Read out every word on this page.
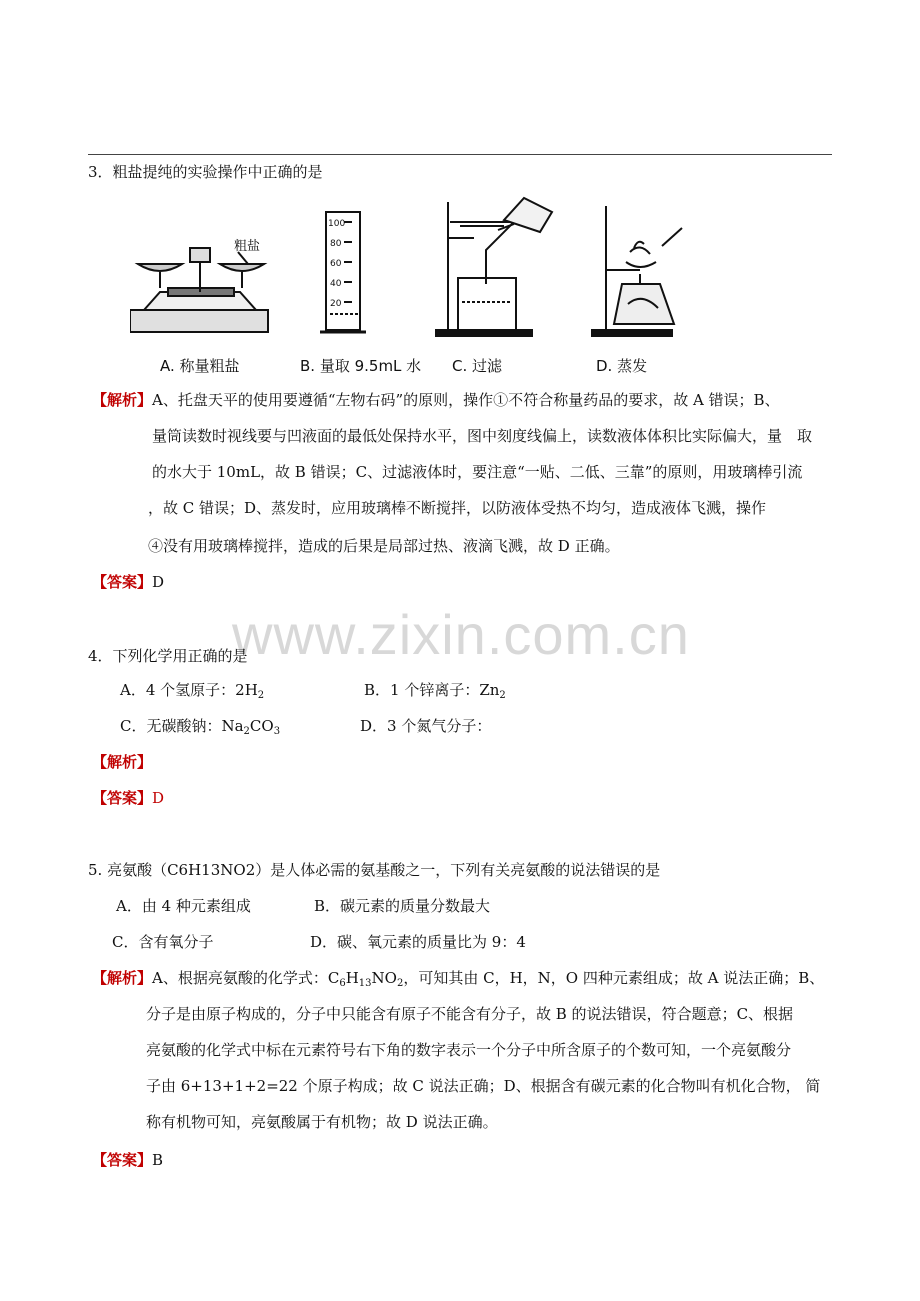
3．粗盐提纯的实验操作中正确的是
粗盐
100
80
60
40
20
A. 称量粗盐	B. 量取 9.5mL 水 C. 过滤	D. 蒸发
【解析】A、托盘天平的使用要遵循“左物右码”的原则，操作①不符合称量药品的要求，故 A 错误；B、
量筒读数时视线要与凹液面的最低处保持水平，图中刻度线偏上，读数液体体积比实际偏大，量　取
的水大于 10mL，故 B 错误；C、过滤液体时，要注意“一贴、二低、三靠”的原则，用玻璃棒引流
，故 C 错误；D、蒸发时，应用玻璃棒不断搅拌，以防液体受热不均匀，造成液体飞溅，操作
④没有用玻璃棒搅拌，造成的后果是局部过热、液滴飞溅，故 D 正确。
【答案】D
www.zixin.com.cn
4．下列化学用正确的是
A．4 个氢原子：$2H_2$	B．1 个锌离子：$Zn_2$
C．无碳酸钠：$Na_2CO_3$	D．3 个氮气分子：
【解析】
【答案】D
5. 亮氨酸（C6H13NO2）是人体必需的氨基酸之一，下列有关亮氨酸的说法错误的是
A．由 4 种元素组成	B．碳元素的质量分数最大
C．含有氧分子	D．碳、氧元素的质量比为 9：4
【解析】A、根据亮氨酸的化学式：$C_6H_{13}NO_2$，可知其由 C，H，N，O 四种元素组成；故 A 说法正确；B、
分子是由原子构成的，分子中只能含有原子不能含有分子，故 B 的说法错误，符合题意；C、根据
亮氨酸的化学式中标在元素符号右下角的数字表示一个分子中所含原子的个数可知，一个亮氨酸分
子由 6+13+1+2=22 个原子构成；故 C 说法正确；D、根据含有碳元素的化合物叫有机化合物， 简
称有机物可知，亮氨酸属于有机物；故 D 说法正确。
【答案】B
